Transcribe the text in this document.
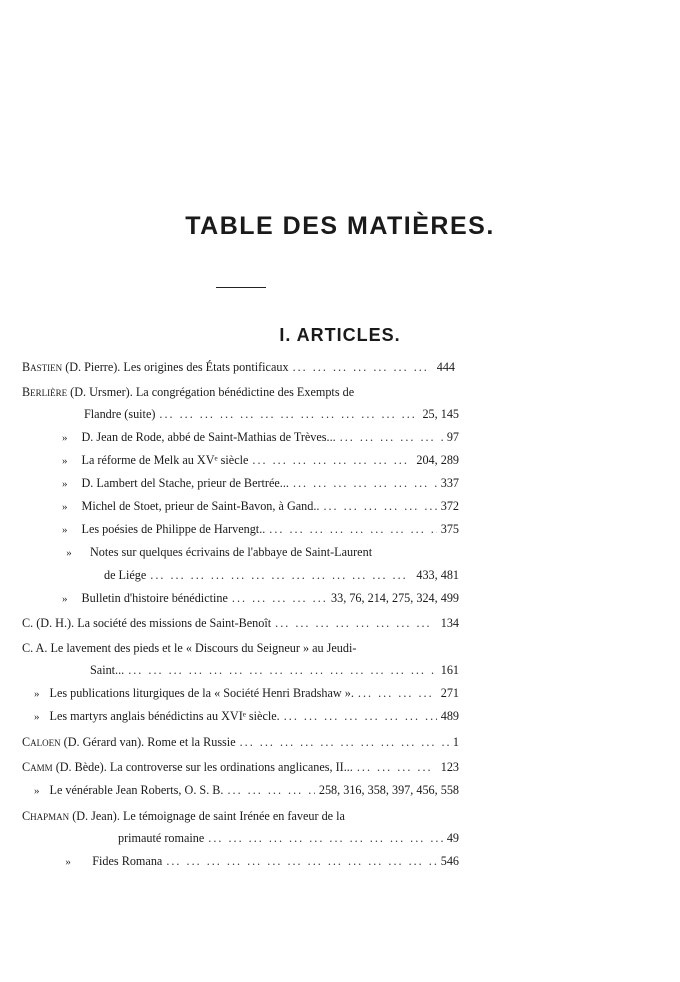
TABLE DES MATIÈRES.
I. ARTICLES.
Bastien (D. Pierre). Les origines des États pontificaux ... .	444
Berlière (D. Ursmer). La congrégation bénédictine des Exempts de
Flandre (suite) ... .	25, 145
» D. Jean de Rode, abbé de Saint-Mathias de Trèves... ... .	97
» La réforme de Melk au XVᵉ siècle ... .	204, 289
» D. Lambert del Stache, prieur de Bertrée... ... .	337
» Michel de Stoet, prieur de Saint-Bavon, à Gand.. ... .	372
» Les poésies de Philippe de Harvengt.. ... .	375
»	Notes sur quelques écrivains de l'abbaye de Saint-Laurent
de Liége ... .	433, 481
» Bulletin d'histoire bénédictine ... .	33, 76, 214, 275, 324, 499
C. (D. H.). La société des missions de Saint-Benoît ... .	134
C. A. Le lavement des pieds et le « Discours du Seigneur » au Jeudi-
Saint... ... .	161
» Les publications liturgiques de la « Société Henri Bradshaw ». ... .	271
» Les martyrs anglais bénédictins au XVIᵉ siècle. ... .	489
Caloen (D. Gérard van). Rome et la Russie ... .	1
Camm (D. Bède). La controverse sur les ordinations anglicanes, II... ... .	123
» Le vénérable Jean Roberts, O. S. B. ... .	258, 316, 358, 397, 456, 558
Chapman (D. Jean). Le témoignage de saint Irénée en faveur de la
primauté romaine ... .	49
» Fides Romana ... .	546
